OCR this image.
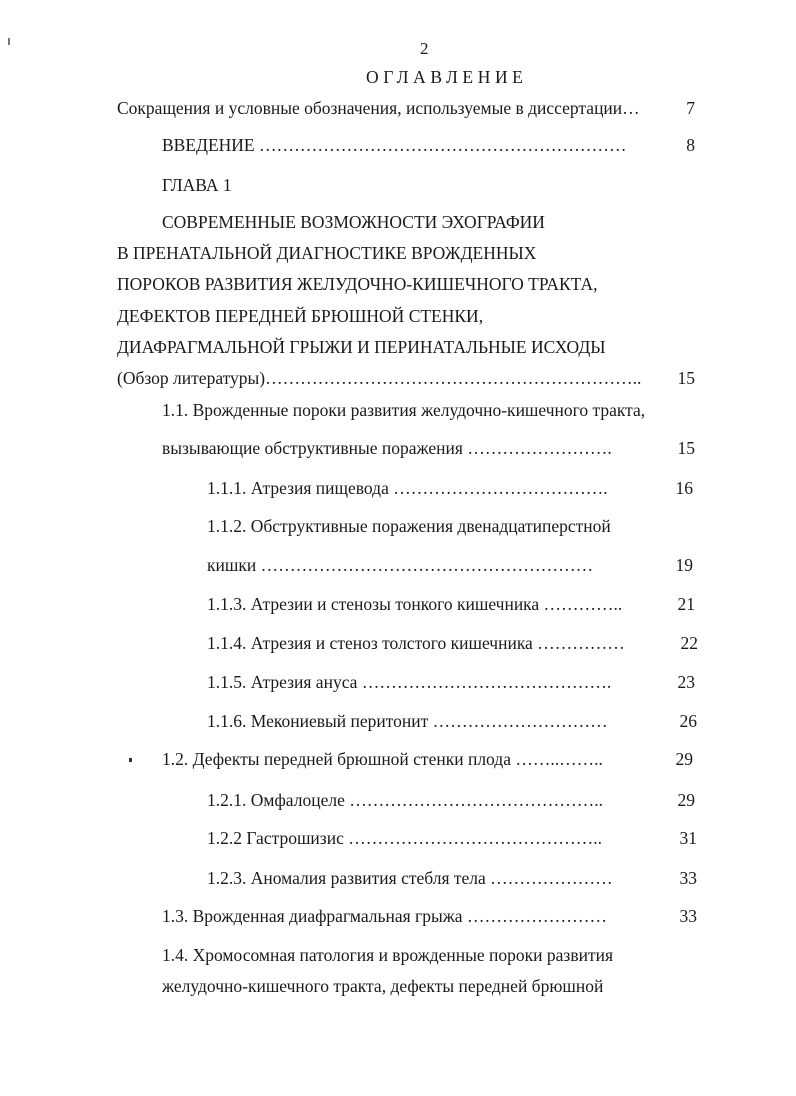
2
ОГЛАВЛЕНИЕ
Сокращения и условные обозначения, используемые в диссертации…	7
ВВЕДЕНИЕ ………………………………………………………	8
ГЛАВА 1
СОВРЕМЕННЫЕ ВОЗМОЖНОСТИ ЭХОГРАФИИ
В ПРЕНАТАЛЬНОЙ ДИАГНОСТИКЕ ВРОЖДЕННЫХ
ПОРОКОВ РАЗВИТИЯ ЖЕЛУДОЧНО-КИШЕЧНОГО ТРАКТА,
ДЕФЕКТОВ ПЕРЕДНЕЙ БРЮШНОЙ СТЕНКИ,
ДИАФРАГМАЛЬНОЙ ГРЫЖИ И ПЕРИНАТАЛЬНЫЕ ИСХОДЫ
(Обзор литературы)………………………………………………………..	15
1.1. Врожденные пороки развития желудочно-кишечного тракта,
вызывающие обструктивные поражения …………………….	15
1.1.1. Атрезия пищевода ……………………………….	16
1.1.2. Обструктивные поражения двенадцатиперстной
кишки …………………………………………………	19
1.1.3. Атрезии и стенозы тонкого кишечника …………..	21
1.1.4. Атрезия и стеноз толстого кишечника ……………	22
1.1.5. Атрезия ануса …………………………………….	23
1.1.6. Мекониевый перитонит …………………………	26
1.2. Дефекты передней брюшной стенки плода ……..……..	29
1.2.1. Омфалоцеле ……………………………………..	29
1.2.2 Гастрошизис ……………………………………..	31
1.2.3. Аномалия развития стебля тела …………………	33
1.3. Врожденная диафрагмальная грыжа ……………………	33
1.4. Хромосомная патология и врожденные пороки развития
желудочно-кишечного тракта, дефекты передней брюшной
